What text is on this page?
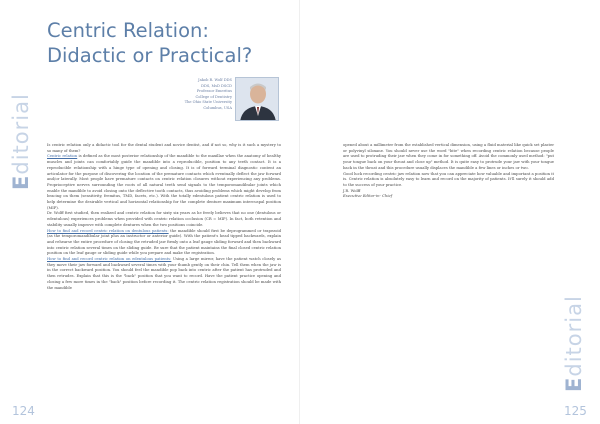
Editorial
Centric Relation:
Didactic or Practical?
Jakob R. Wolf DDS
DDS, MsD DSCD
Professor Emeritus
College of Dentistry
The Ohio State University
Columbus, USA

Is centric relation only a didactic tool for the dental student and novice dentist, and if not so, why is it such a mystery to so many of them?

Centric relation is defined as the most posterior relationship of the mandible to the maxillae when the anatomy of healthy muscles and joints can comfortably guide the mandible into a reproducible, position to any teeth contact. It is a reproducible relationship with a hinge type of opening and closing. It is of forward terminal diagnostic content an articulator for the purpose of discovering the location of the premature contacts which eventually deflect the jaw forward and/or laterally. Most people have premature contacts on centric relation closures without experiencing any problems. Proprioceptive nerves surrounding the roots of all natural teeth send signals to the temporomandibular joints which enable the mandible to avoid closing onto the deflective tooth contacts, thus avoiding problems which might develop from bracing on them (sensitivity, fremitus, TMD, facets, etc.). With the totally edentulous patient centric relation is used to help determine the desirable vertical and horizontal relationship for the complete denture maximum intercuspal position (MIP).

Dr. Wolff first studied, then realized and centric relation for sixty six years as he freely believes that no one (dentulous or edentulous) experiences problems when provided with centric relation occlusion (CR = MIP). In fact, both retention and stability usually improve with complete dentures when the two positions coincide.

How to find and record centric relation on dentulous patients: the mandible should first be deprogrammed or trapezoid (as the temporomandibular joint plus an instructor or anterior guide). With the patient's head tipped backwards, explain and rehearse the entire procedure of closing the retruded jaw firmly onto a leaf gauge sliding forward and then backward into centric relation several times on the sliding guide. Be sure that the patient maintains the final closed centric relation position on the leaf gauge or sliding guide while you prepare and make the registration.

How to find and record centric relation on edentulous patients: Using a large mirror, have the patient watch closely as they move their jaw forward and backward several times with your thumb gently on their chin. Tell them when the jaw is in the correct backward position. You should feel the mandible pop back into centric after the patient has protruded and then retrudes. Explain that this is the "back" position that you want to record. Have the patient practice opening and closing a few more times in the "back" position before recording it. The centric relation registration should be made with the mandible

124

opened about a millimeter from the established vertical dimension, using a fluid material like quick set plaster or polyvinyl siloxane. You should never use the word "bite" when recording centric relation because people are used to protruding their jaw when they come in for something off. Avoid the commonly used method: "put your tongue back on your throat and close up" method. It is quite easy to protrude your jaw with your tongue back in the throat and this procedure usually displaces the mandible a few lines or inches or two.

Good luck recording centric jaw relation now that you can appreciate how valuable and important a position it is. Centric relation is absolutely easy to learn and record on the majority of patients. It'll surely it should add to the success of your practice.

J.R. Wolff

Executive Editor-in- Chief

Editorial
125
